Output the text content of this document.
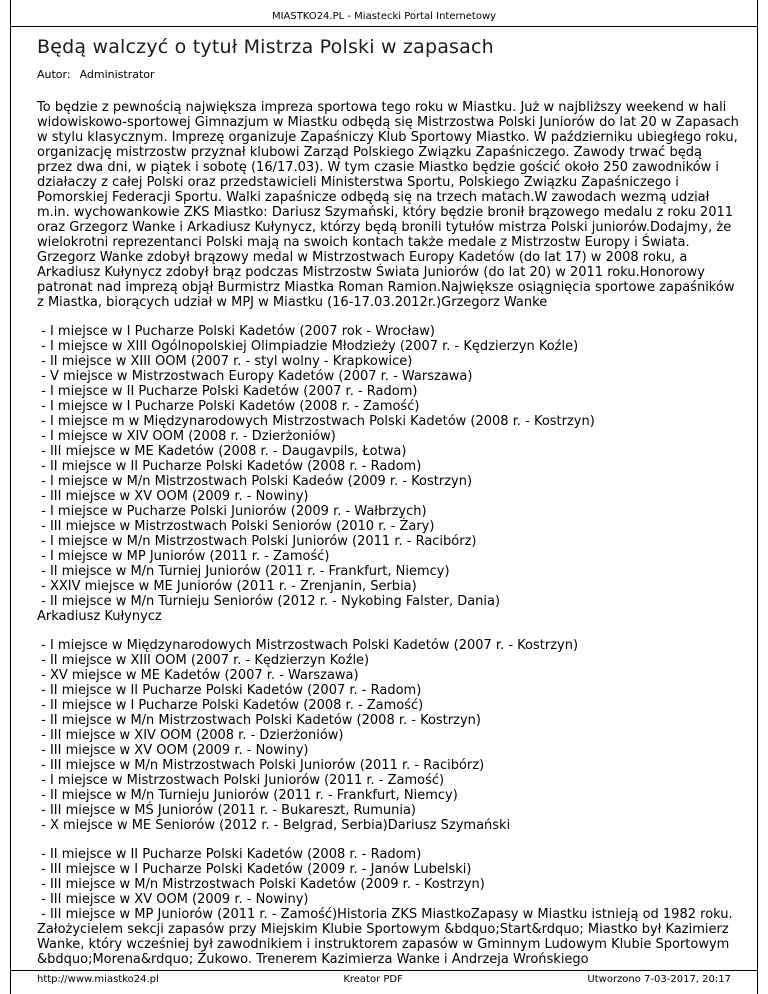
MIASTKO24.PL - Miastecki Portal Internetowy
Będą walczyć o tytuł Mistrza Polski w zapasach
Autor: Administrator

To będzie z pewnością największa impreza sportowa tego roku w Miastku. Już w najbliższy weekend w hali widowiskowo-sportowej Gimnazjum w Miastku odbędą się Mistrzostwa Polski Juniorów do lat 20 w Zapasach w stylu klasycznym. Imprezę organizuje Zapaśniczy Klub Sportowy Miastko. W październiku ubiegłego roku, organizację mistrzostw przyznał klubowi Zarząd Polskiego Związku Zapaśniczego. Zawody trwać będą przez dwa dni, w piątek i sobotę (16/17.03). W tym czasie Miastko będzie gościć około 250 zawodników i działaczy z całej Polski oraz przedstawicieli Ministerstwa Sportu, Polskiego Związku Zapaśniczego i Pomorskiej Federacji Sportu. Walki zapaśnicze odbędą się na trzech matach.W zawodach wezmą udział m.in. wychowankowie ZKS Miastko: Dariusz Szymański, który będzie bronił brązowego medalu z roku 2011 oraz Grzegorz Wanke i Arkadiusz Kułynycz, którzy będą bronili tytułów mistrza Polski juniorów.Dodajmy, że wielokrotni reprezentanci Polski mają na swoich kontach także medale z Mistrzostw Europy i Świata. Grzegorz Wanke zdobył brązowy medal w Mistrzostwach Europy Kadetów (do lat 17) w 2008 roku, a Arkadiusz Kułynycz zdobył brąz podczas Mistrzostw Świata Juniorów (do lat 20) w 2011 roku.Honorowy patronat nad imprezą objął Burmistrz Miastka Roman Ramion.Największe osiągnięcia sportowe zapaśników z Miastka, biorących udział w MPJ w Miastku (16-17.03.2012r.)Grzegorz Wanke

- I miejsce w I Pucharze Polski Kadetów (2007 rok - Wrocław)
- I miejsce w XIII Ogólnopolskiej Olimpiadzie Młodzieży (2007 r. - Kędzierzyn Koźle)
- II miejsce w XIII OOM (2007 r. - styl wolny - Krapkowice)
- V miejsce w Mistrzostwach Europy Kadetów (2007 r. - Warszawa)
- I miejsce w II Pucharze Polski Kadetów (2007 r. - Radom)
- I miejsce w I Pucharze Polski Kadetów (2008 r. - Zamość)
- I miejsce m w Międzynarodowych Mistrzostwach Polski Kadetów (2008 r. - Kostrzyn)
- I miejsce w XIV OOM (2008 r. - Dzierżoniów)
- III miejsce w ME Kadetów (2008 r. - Daugavpils, Łotwa)
- II miejsce w II Pucharze Polski Kadetów (2008 r. - Radom)
- I miejsce w M/n Mistrzostwach Polski Kadeów (2009 r. - Kostrzyn)
- III miejsce w XV OOM (2009 r. - Nowiny)
- I miejsce w Pucharze Polski Juniorów (2009 r. - Wałbrzych)
- III miejsce w Mistrzostwach Polski Seniorów (2010 r. - Żary)
- I miejsce w M/n Mistrzostwach Polski Juniorów (2011 r. - Racibórz)
- I miejsce w MP Juniorów (2011 r. - Zamość)
- II miejsce w M/n Turniej Juniorów (2011 r. - Frankfurt, Niemcy)
- XXIV miejsce w ME Juniorów (2011 r. - Zrenjanin, Serbia)
- II miejsce w M/n Turnieju Seniorów (2012 r. - Nykobing Falster, Dania)
Arkadiusz Kułynycz
- I miejsce w Międzynarodowych Mistrzostwach Polski Kadetów (2007 r. - Kostrzyn)
- II miejsce w XIII OOM (2007 r. - Kędzierzyn Koźle)
- XV miejsce w ME Kadetów (2007 r. - Warszawa)
- II miejsce w II Pucharze Polski Kadetów (2007 r. - Radom)
- II miejsce w I Pucharze Polski Kadetów (2008 r. - Zamość)
- II miejsce w M/n Mistrzostwach Polski Kadetów (2008 r. - Kostrzyn)
- III miejsce w XIV OOM (2008 r. - Dzierżoniów)
- III miejsce w XV OOM (2009 r. - Nowiny)
- III miejsce w M/n Mistrzostwach Polski Juniorów (2011 r. - Racibórz)
- I miejsce w Mistrzostwach Polski Juniorów (2011 r. - Zamość)
- II miejsce w M/n Turnieju Juniorów (2011 r. - Frankfurt, Niemcy)
- III miejsce w MŚ Juniorów (2011 r. - Bukareszt, Rumunia)
- X miejsce w ME Seniorów (2012 r. - Belgrad, Serbia)Dariusz Szymański
- II miejsce w II Pucharze Polski Kadetów (2008 r. - Radom)
- III miejsce w I Pucharze Polski Kadetów (2009 r. - Janów Lubelski)
- III miejsce w M/n Mistrzostwach Polski Kadetów (2009 r. - Kostrzyn)
- III miejsce w XV OOM (2009 r. - Nowiny)
- III miejsce w MP Juniorów (2011 r. - Zamość)Historia ZKS MiastkoZapasy w Miastku istnieją od 1982 roku. Założycielem sekcji zapasów przy Miejskim Klubie Sportowym &bdquo;Start&rdquo; Miastko był Kazimierz Wanke, który wcześniej był zawodnikiem i instruktorem zapasów w Gminnym Ludowym Klubie Sportowym &bdquo;Morena&rdquo; Żukowo. Trenerem Kazimierza Wanke i Andrzeja Wrońskiego
http://www.miastko24.pl	Kreator PDF	Utworzono 7-03-2017, 20:17
